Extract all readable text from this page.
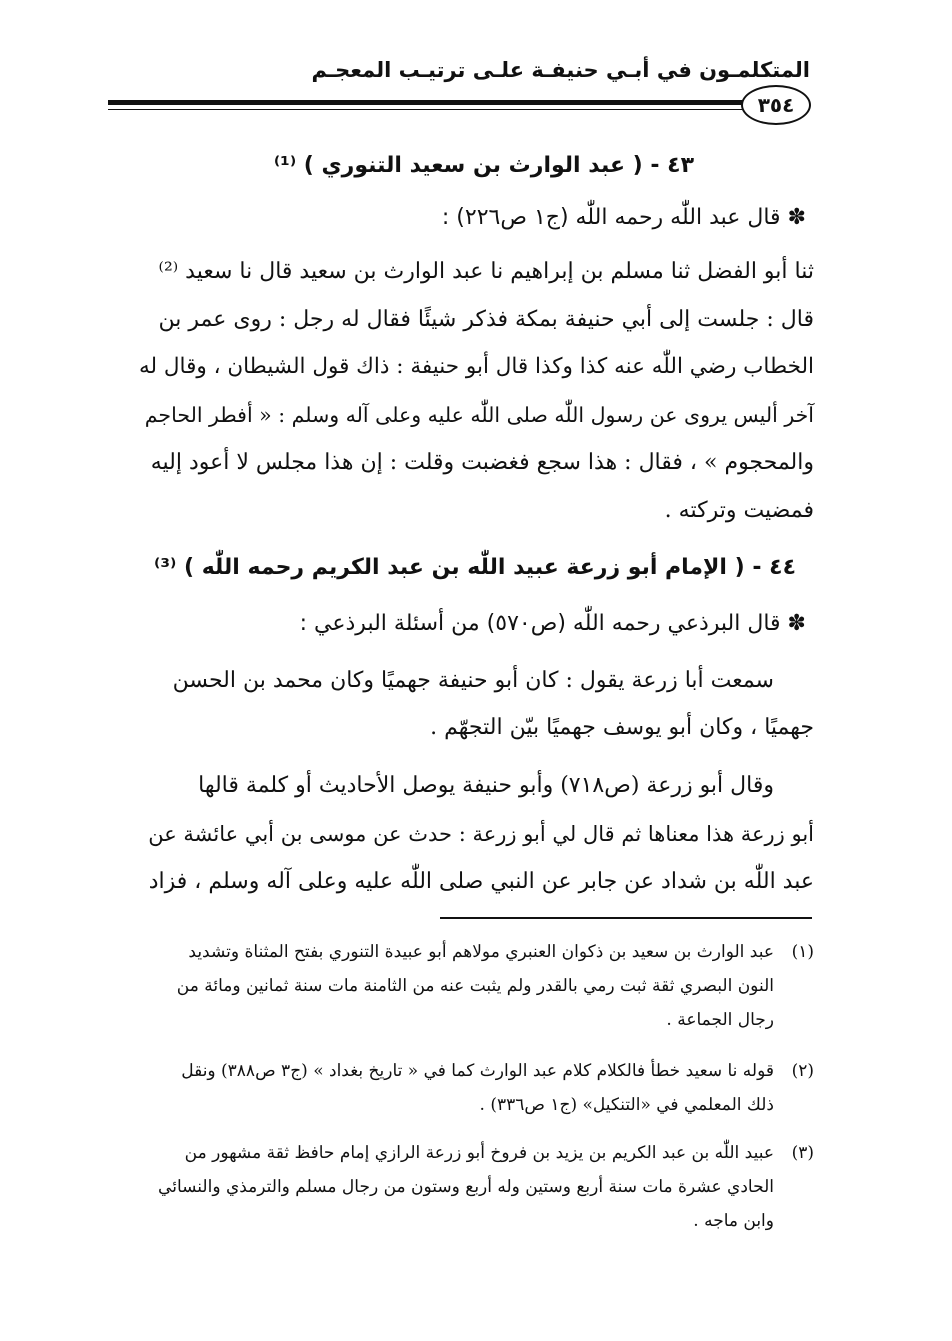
المتكلمـون في أبـي حنيفـة علـى ترتيـب المعجـم
٣٥٤
٤٣ - ( عبد الوارث بن سعيد التنوري ) ⁽¹⁾
✽ قال عبد اللّٰه رحمه اللّٰه (ج١ ص٢٢٦) :
ثنا أبو الفضل ثنا مسلم بن إبراهيم نا عبد الوارث بن سعيد قال نا سعيد ⁽²⁾
قال : جلست إلى أبي حنيفة بمكة فذكر شيئًا فقال له رجل : روى عمر بن
الخطاب رضي اللّٰه عنه كذا وكذا قال أبو حنيفة : ذاك قول الشيطان ، وقال له
آخر أليس يروى عن رسول اللّٰه صلى اللّٰه عليه وعلى آله وسلم : « أفطر الحاجم
والمحجوم » ، فقال : هذا سجع فغضبت وقلت : إن هذا مجلس لا أعود إليه
فمضيت وتركته .
٤٤ - ( الإمام أبو زرعة عبيد اللّٰه بن عبد الكريم رحمه اللّٰه ) ⁽³⁾
✽ قال البرذعي رحمه اللّٰه (ص٥٧٠) من أسئلة البرذعي :
سمعت أبا زرعة يقول : كان أبو حنيفة جهميًا وكان محمد بن الحسن
جهميًا ، وكان أبو يوسف جهميًا بيّن التجهّم .
وقال أبو زرعة (ص٧١٨) وأبو حنيفة يوصل الأحاديث أو كلمة قالها
أبو زرعة هذا معناها ثم قال لي أبو زرعة : حدث عن موسى بن أبي عائشة عن
عبد اللّٰه بن شداد عن جابر عن النبي صلى اللّٰه عليه وعلى آله وسلم ، فزاد
(١)عبد الوارث بن سعيد بن ذكوان العنبري مولاهم أبو عبيدة التنوري بفتح المثناة وتشديد
النون البصري ثقة ثبت رمي بالقدر ولم يثبت عنه من الثامنة مات سنة ثمانين ومائة من
رجال الجماعة .
(٢)قوله نا سعيد خطأ فالكلام كلام عبد الوارث كما في « تاريخ بغداد » (ج٣ ص٣٨٨) ونقل
ذلك المعلمي في «التنكيل» (ج١ ص٣٣٦) .
(٣)عبيد اللّٰه بن عبد الكريم بن يزيد بن فروخ أبو زرعة الرازي إمام حافظ ثقة مشهور من
الحادي عشرة مات سنة أربع وستين وله أربع وستون من رجال مسلم والترمذي والنسائي
وابن ماجه .
